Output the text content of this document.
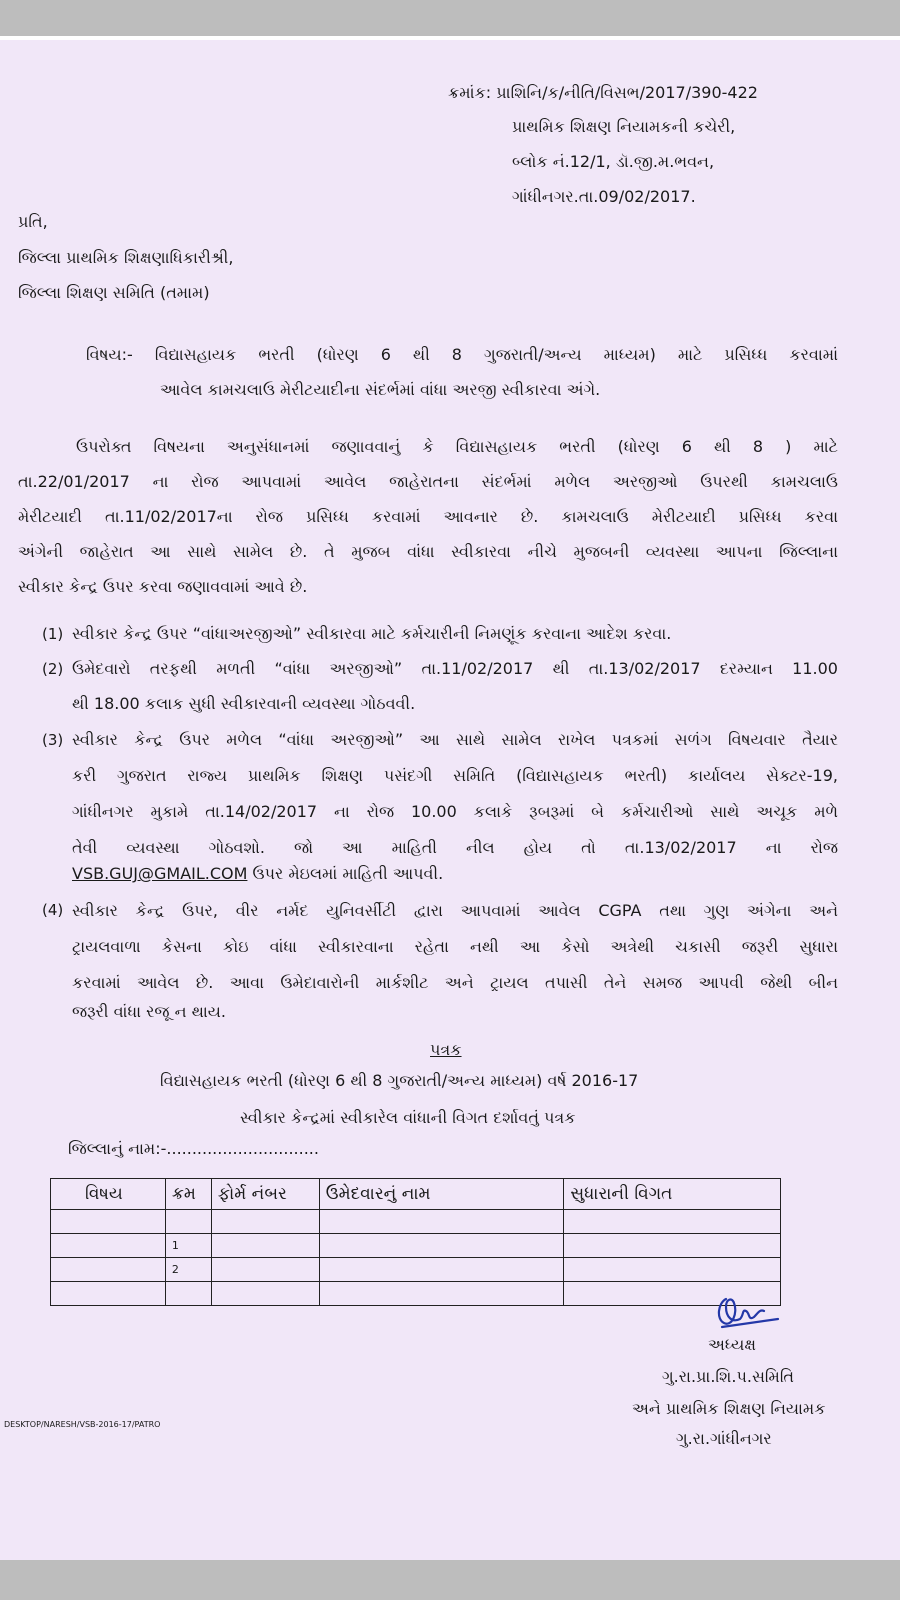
ક્રમાંક: પ્રાશિનિ/ક/નીતિ/વિસભ/2017/390-422
પ્રાથમિક શિક્ષણ નિયામકની કચેરી,
બ્લોક નં.12/1, ડૉ.જી.મ.ભવન,
ગાંધીનગર.તા.09/02/2017.
પ્રતિ,
જિલ્લા પ્રાથમિક શિક્ષણાધિકારીશ્રી,
જિલ્લા શિક્ષણ સમિતિ (તમામ)
વિષય:- વિદ્યાસહાયક ભરતી (ધોરણ 6 થી 8 ગુજરાતી/અન્ય માધ્યમ) માટે પ્રસિધ્ધ કરવામાં
આવેલ કામચલાઉ મેરીટયાદીના સંદર્ભમાં વાંધા અરજી સ્વીકારવા અંગે.
ઉપરોક્ત વિષયના અનુસંધાનમાં જણાવવાનું કે વિદ્યાસહાયક ભરતી (ધોરણ 6 થી 8 ) માટે
તા.22/01/2017 ના રોજ આપવામાં આવેલ જાહેરાતના સંદર્ભમાં મળેલ અરજીઓ ઉપરથી કામચલાઉ
મેરીટયાદી તા.11/02/2017ના રોજ પ્રસિધ્ધ કરવામાં આવનાર છે. કામચલાઉ મેરીટયાદી પ્રસિધ્ધ કરવા
અંગેની જાહેરાત આ સાથે સામેલ છે. તે મુજબ વાંધા સ્વીકારવા નીચે મુજબની વ્યવસ્થા આપના જિલ્લાના
સ્વીકાર કેન્દ્ર ઉપર કરવા જણાવવામાં આવે છે.
(1) સ્વીકાર કેન્દ્ર ઉપર “વાંધાઅરજીઓ” સ્વીકારવા માટે કર્મચારીની નિમણૂંક કરવાના આદેશ કરવા.
(2) ઉમેદવારો તરફથી મળતી “વાંધા અરજીઓ” તા.11/02/2017 થી તા.13/02/2017 દરમ્યાન 11.00
થી 18.00 કલાક સુધી સ્વીકારવાની વ્યવસ્થા ગોઠવવી.
(3) સ્વીકાર કેન્દ્ર ઉપર મળેલ “વાંધા અરજીઓ” આ સાથે સામેલ રાખેલ પત્રકમાં સળંગ વિષયવાર તૈયાર
કરી ગુજરાત રાજ્ય પ્રાથમિક શિક્ષણ પસંદગી સમિતિ (વિદ્યાસહાયક ભરતી) કાર્યાલય સેક્ટર-19,
ગાંધીનગર મુકામે તા.14/02/2017 ના રોજ 10.00 કલાકે રૂબરૂમાં બે કર્મચારીઓ સાથે અચૂક મળે
તેવી વ્યવસ્થા ગોઠવશો. જો આ માહિતી નીલ હોય તો તા.13/02/2017 ના રોજ
VSB.GUJ@GMAIL.COM ઉપર મેઇલમાં માહિતી આપવી.
(4) સ્વીકાર કેન્દ્ર ઉપર, વીર નર્મદ યુનિવર્સીટી દ્વારા આપવામાં આવેલ CGPA તથા ગુણ અંગેના અને
ટ્રાયલવાળા કેસના કોઇ વાંધા સ્વીકારવાના રહેતા નથી આ કેસો અત્રેથી ચકાસી જરૂરી સુધારા
કરવામાં આવેલ છે. આવા ઉમેદાવારોની માર્કશીટ અને ટ્રાયલ તપાસી તેને સમજ આપવી જેથી બીન
જરૂરી વાંધા રજૂ ન થાય.
પત્રક
વિદ્યાસહાયક ભરતી (ધોરણ 6 થી 8 ગુજરાતી/અન્ય માધ્યમ) વર્ષ 2016-17
સ્વીકાર કેન્દ્રમાં સ્વીકારેલ વાંધાની વિગત દર્શાવતું પત્રક
જિલ્લાનું નામ:-..............................
વિષય	ક્રમ	ફોર્મ નંબર	ઉમેદવારનું નામ	સુધારાની વિગત

	1			
	2			

અધ્યક્ષ
ગુ.રા.પ્રા.શિ.પ.સમિતિ
અને પ્રાથમિક શિક્ષણ નિયામક
ગુ.રા.ગાંધીનગર
DESKTOP/NARESH/VSB-2016-17/PATRO
